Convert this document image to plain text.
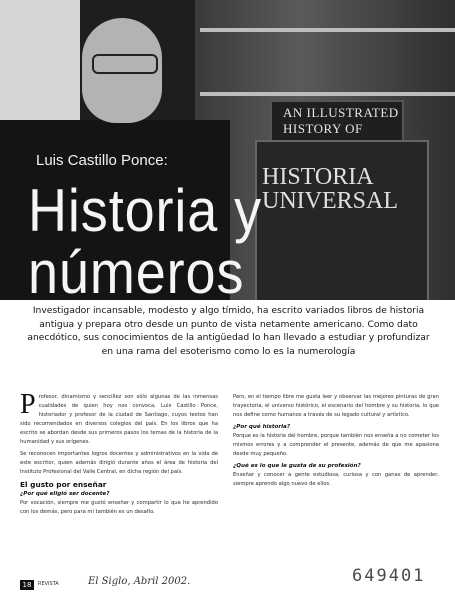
AN ILLUSTRATED HISTORY OF
HISTORIA UNIVERSAL
Luis Castillo Ponce:
Historia y números
Investigador incansable, modesto y algo tímido, ha escrito variados libros de historia antigua y prepara otro desde un punto de vista netamente americano. Como dato anecdótico, sus conocimientos de la antigüedad lo han llevado a estudiar y profundizar en una rama del esoterismo como lo es la numerología
P rofesor, dinamismo y sencillez son sólo algunas de las inmensas cualidades de quien hoy nos convoca, Luis Castillo Ponce, historiador y profesor de la ciudad de Santiago, cuyos textos han sido recomendados en diversos colegios del país. En los libros que ha escrito se abordan desde sus primeros pasos los temas de la historia de la humanidad y sus orígenes.

Se reconocen importantes logros docentes y administrativos en la vida de este escritor, quien además dirigió durante años el área de historia del Instituto Profesional del Valle Central, en dicha región del país.

El gusto por enseñar
¿Por qué eligió ser docente?

Por vocación, siempre me gustó enseñar y compartir lo que he aprendido con los demás, pero para mi también es un desafío.

Pero, en el tiempo libre me gusta leer y observar las mejores pinturas de gran trayectoria, el universo histórico, el escenario del hombre y su historia, lo que nos define como humanos a través de su legado cultural y artístico.

¿Por qué historia?

Porque es la historia del hombre, porque también nos enseña a no cometer los mismos errores y a comprender el presente, además de que me apasiona desde muy pequeño.

¿Qué es lo que le gusta de su profesión?

Enseñar y conocer a gente estudiosa, curiosa y con ganas de aprender, siempre aprendo algo nuevo de ellos.

18	REVISTA	El Siglo, Abril 2002.	649401
